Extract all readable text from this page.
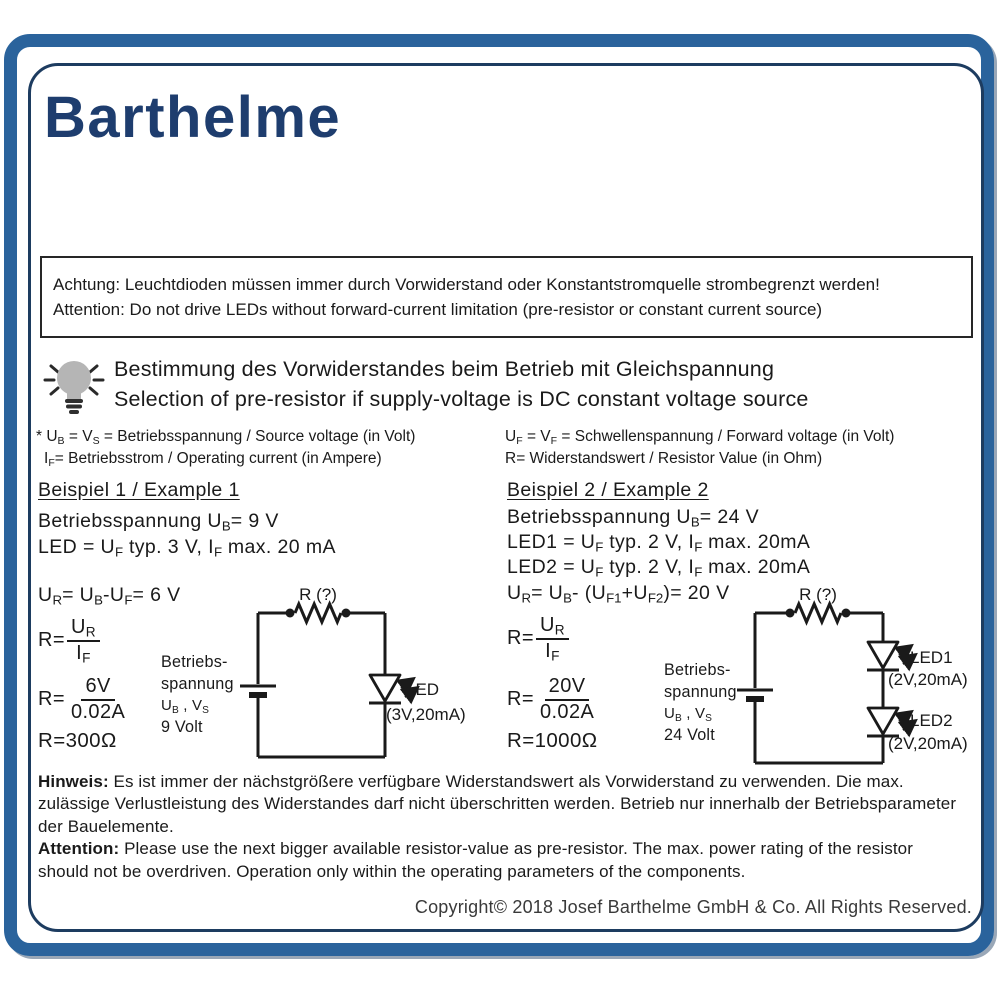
Barthelme
Achtung: Leuchtdioden müssen immer durch Vorwiderstand oder Konstantstromquelle strombegrenzt werden!
Attention: Do not drive LEDs without forward-current limitation (pre-resistor or constant current source)
Bestimmung des Vorwiderstandes beim Betrieb mit Gleichspannung
Selection of pre-resistor if supply-voltage is DC constant voltage source
* $U_B = V_S$ = Betriebsspannung / Source voltage (in Volt)
$I_F=$ Betriebsstrom / Operating current (in Ampere)
$U_F = V_F$ = Schwellenspannung / Forward voltage (in Volt)
R= Widerstandswert / Resistor Value (in Ohm)
Beispiel 1 / Example 1
Betriebsspannung $U_B= 9$ V
LED = $U_F$ typ. 3 V, $I_F$ max. 20 mA
$U_R= U_B-U_F= 6$ V
$R= \frac{U_R}{I_F}$
$R= \frac{6V}{0.02A}$
R=300Ω
Betriebs-
spannung
$U_B$ , $V_S$
9 Volt
R (?)
LED
(3V,20mA)
Beispiel 2 / Example 2
Betriebsspannung $U_B= 24$ V
$LED1 = U_F$ typ. 2 V, $I_F$ max. 20mA
$LED2 = U_F$ typ. 2 V, $I_F$ max. 20mA
$U_R= U_B-$ $(U_{F1}+U_{F2})= 20$ V
$R= \frac{U_R}{I_F}$
$R= \frac{20V}{0.02A}$
R=1000Ω
Betriebs-
spannung
$U_B$ , $V_S$
24 Volt
R (?)
LED1
(2V,20mA)
LED2
(2V,20mA)
Hinweis: Es ist immer der nächstgrößere verfügbare Widerstandswert als Vorwiderstand zu verwenden. Die max. zulässige Verlustleistung des Widerstandes darf nicht überschritten werden. Betrieb nur innerhalb der Betriebsparameter der Bauelemente.
Attention: Please use the next bigger available resistor-value as pre-resistor. The max. power rating of the resistor should not be overdriven. Operation only within the operating parameters of the components.
Copyright© 2018 Josef Barthelme GmbH & Co. All Rights Reserved.
